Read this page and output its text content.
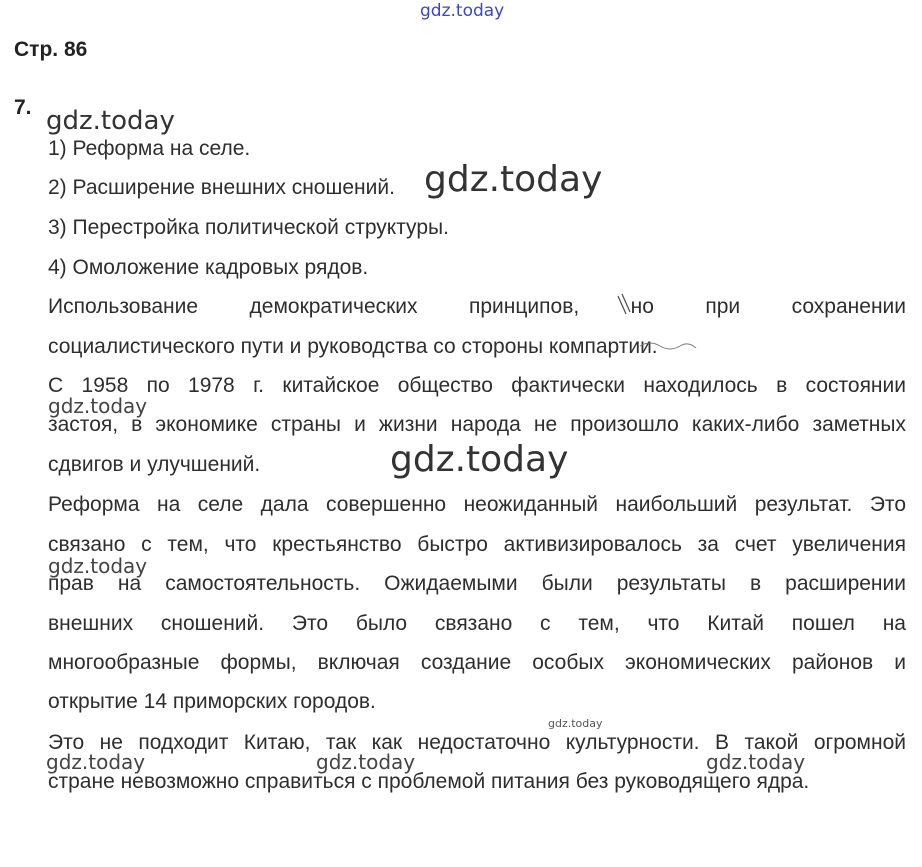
gdz.today
gdz.today
gdz.today
gdz.today
gdz.today
gdz.today
gdz.today
gdz.today	gdz.today	gdz.today
Стр. 86
7.
1) Реформа на селе.
2) Расширение внешних сношений.
3) Перестройка политической структуры.
4) Омоложение кадровых рядов.
Использование демократических принципов, но при сохранении
социалистического пути и руководства со стороны компартии.
С 1958 по 1978 г. китайское общество фактически находилось в состоянии
застоя, в экономике страны и жизни народа не произошло каких-либо заметных
сдвигов и улучшений.
Реформа на селе дала совершенно неожиданный наибольший результат. Это
связано с тем, что крестьянство быстро активизировалось за счет увеличения
прав на самостоятельность. Ожидаемыми были результаты в расширении
внешних сношений. Это было связано с тем, что Китай пошел на
многообразные формы, включая создание особых экономических районов и
открытие 14 приморских городов.
Это не подходит Китаю, так как недостаточно культурности. В такой огромной
стране невозможно справиться с проблемой питания без руководящего ядра.
